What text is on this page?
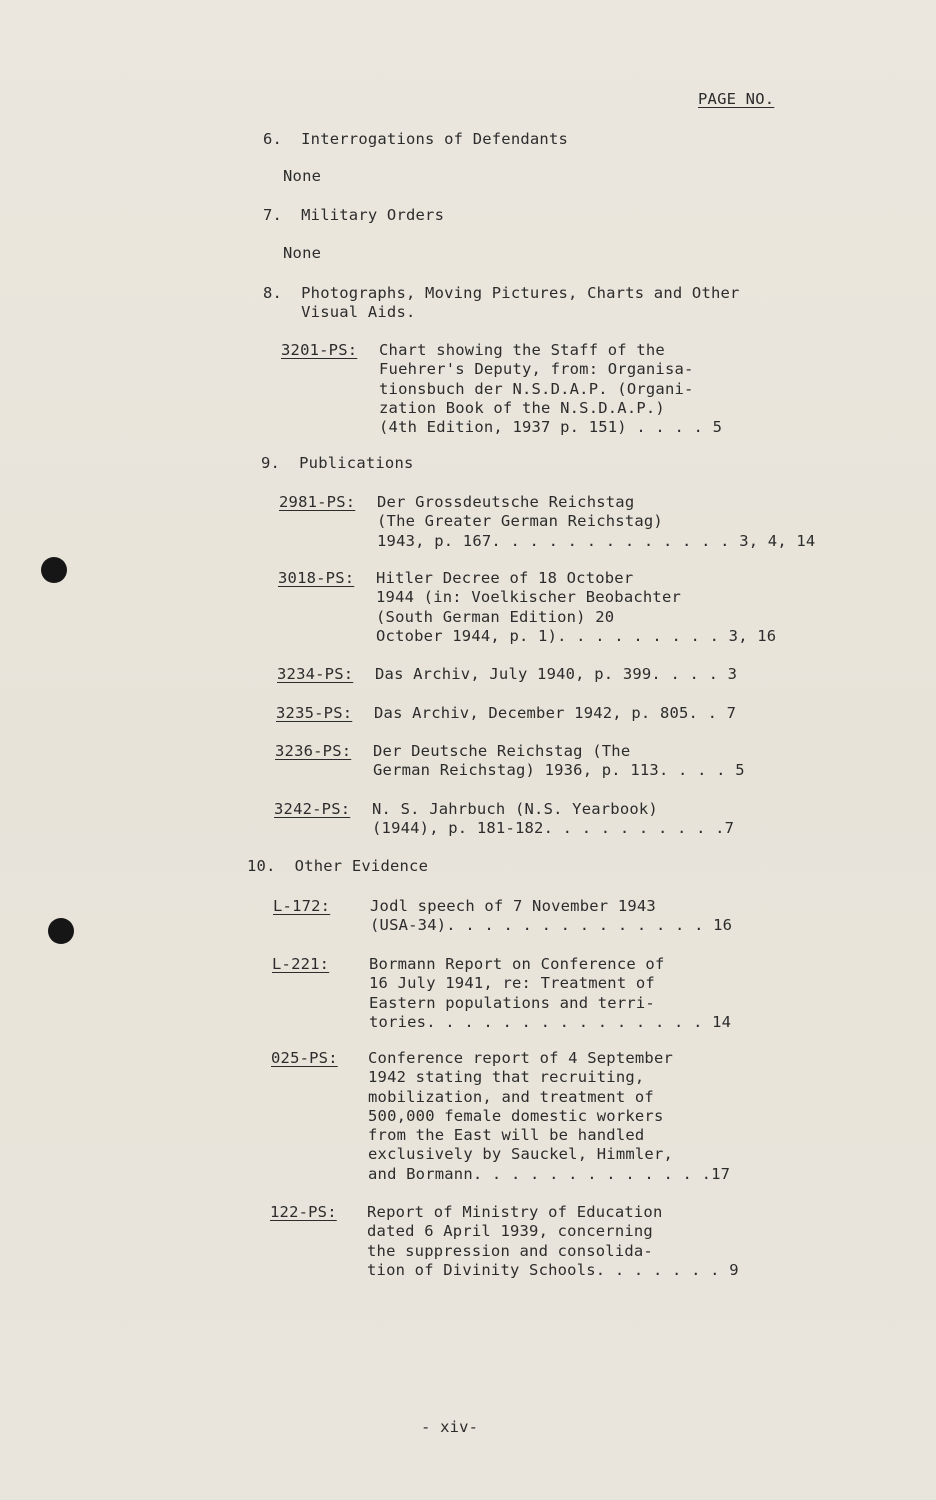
PAGE NO.
6.  Interrogations of Defendants
None
7.  Military Orders
None
8.  Photographs, Moving Pictures, Charts and Other
Visual Aids.
3201-PS: Chart showing the Staff of the
Fuehrer's Deputy, from: Organisa-
tionsbuch der N.S.D.A.P. (Organi-
zation Book of the N.S.D.A.P.)
(4th Edition, 1937 p. 151) . . . . 5
9.  Publications
2981-PS: Der Grossdeutsche Reichstag
(The Greater German Reichstag)
1943, p. 167. . . . . . . . . . . . . 3, 4, 14
3018-PS: Hitler Decree of 18 October
1944 (in: Voelkischer Beobachter
(South German Edition) 20
October 1944, p. 1). . . . . . . . . 3, 16
3234-PS: Das Archiv, July 1940, p. 399. . . . 3
3235-PS: Das Archiv, December 1942, p. 805. . 7
3236-PS: Der Deutsche Reichstag (The
German Reichstag) 1936, p. 113. . . . 5
3242-PS: N. S. Jahrbuch (N.S. Yearbook)
(1944), p. 181-182. . . . . . . . . .7
10.  Other Evidence
L-172:	Jodl speech of 7 November 1943
(USA-34). . . . . . . . . . . . . . 16
L-221:	Bormann Report on Conference of
16 July 1941, re: Treatment of
Eastern populations and terri-
tories. . . . . . . . . . . . . . . 14
025-PS: Conference report of 4 September
1942 stating that recruiting,
mobilization, and treatment of
500,000 female domestic workers
from the East will be handled
exclusively by Sauckel, Himmler,
and Bormann. . . . . . . . . . . . .17
122-PS: Report of Ministry of Education
dated 6 April 1939, concerning
the suppression and consolida-
tion of Divinity Schools. . . . . . . 9
- xiv-
